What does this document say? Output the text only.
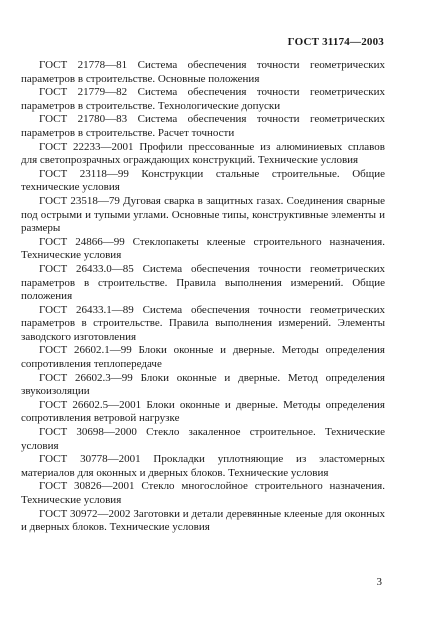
ГОСТ 31174—2003

ГОСТ 21778—81 Система обеспечения точности геометрических параметров в строительстве. Основные положения

ГОСТ 21779—82 Система обеспечения точности геометрических параметров в строительстве. Технологические допуски

ГОСТ 21780—83 Система обеспечения точности геометрических параметров в строительстве. Расчет точности

ГОСТ 22233—2001 Профили прессованные из алюминиевых сплавов для светопрозрачных ограждающих конструкций. Технические условия

ГОСТ 23118—99 Конструкции стальные строительные. Общие технические условия

ГОСТ 23518—79 Дуговая сварка в защитных газах. Соединения сварные под острыми и тупыми углами. Основные типы, конструктивные элементы и размеры

ГОСТ 24866—99 Стеклопакеты клееные строительного назначения. Технические условия

ГОСТ 26433.0—85 Система обеспечения точности геометрических параметров в строительстве. Правила выполнения измерений. Общие положения

ГОСТ 26433.1—89 Система обеспечения точности геометрических параметров в строительстве. Правила выполнения измерений. Элементы заводского изготовления

ГОСТ 26602.1—99 Блоки оконные и дверные. Методы определения сопротивления теплопередаче

ГОСТ 26602.3—99 Блоки оконные и дверные. Метод определения звукоизоляции

ГОСТ 26602.5—2001 Блоки оконные и дверные. Методы определения сопротивления ветровой нагрузке

ГОСТ 30698—2000 Стекло закаленное строительное. Технические условия

ГОСТ 30778—2001 Прокладки уплотняющие из эластомерных материалов для оконных и дверных блоков. Технические условия

ГОСТ 30826—2001 Стекло многослойное строительного назначения. Технические условия

ГОСТ 30972—2002 Заготовки и детали деревянные клееные для оконных и дверных блоков. Технические условия

3
